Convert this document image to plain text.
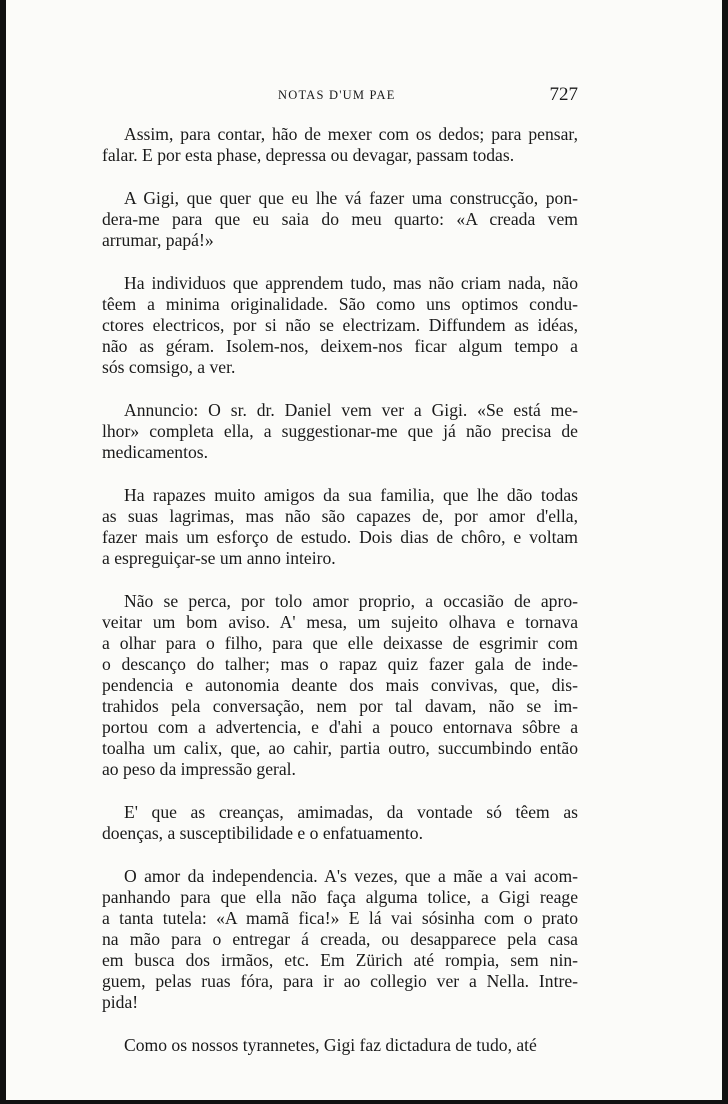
NOTAS D'UM PAE	727
Assim, para contar, hão de mexer com os dedos; para pensar,
falar. E por esta phase, depressa ou devagar, passam todas.
A Gigi, que quer que eu lhe vá fazer uma construcção, pon-
dera-me para que eu saia do meu quarto: «A creada vem
arrumar, papá!»
Ha individuos que apprendem tudo, mas não criam nada, não
têem a minima originalidade. São como uns optimos condu-
ctores electricos, por si não se electrizam. Diffundem as idéas,
não as géram. Isolem-nos, deixem-nos ficar algum tempo a
sós comsigo, a ver.
Annuncio: O sr. dr. Daniel vem ver a Gigi. «Se está me-
lhor» completa ella, a suggestionar-me que já não precisa de
medicamentos.
Ha rapazes muito amigos da sua familia, que lhe dão todas
as suas lagrimas, mas não são capazes de, por amor d'ella,
fazer mais um esforço de estudo. Dois dias de chôro, e voltam
a espreguiçar-se um anno inteiro.
Não se perca, por tolo amor proprio, a occasião de apro-
veitar um bom aviso. A' mesa, um sujeito olhava e tornava
a olhar para o filho, para que elle deixasse de esgrimir com
o descanço do talher; mas o rapaz quiz fazer gala de inde-
pendencia e autonomia deante dos mais convivas, que, dis-
trahidos pela conversação, nem por tal davam, não se im-
portou com a advertencia, e d'ahi a pouco entornava sôbre a
toalha um calix, que, ao cahir, partia outro, succumbindo então
ao peso da impressão geral.
E' que as creanças, amimadas, da vontade só têem as
doenças, a susceptibilidade e o enfatuamento.
O amor da independencia. A's vezes, que a mãe a vai acom-
panhando para que ella não faça alguma tolice, a Gigi reage
a tanta tutela: «A mamã fica!» E lá vai sósinha com o prato
na mão para o entregar á creada, ou desapparece pela casa
em busca dos irmãos, etc. Em Zürich até rompia, sem nin-
guem, pelas ruas fóra, para ir ao collegio ver a Nella. Intre-
pida!
Como os nossos tyrannetes, Gigi faz dictadura de tudo, até
